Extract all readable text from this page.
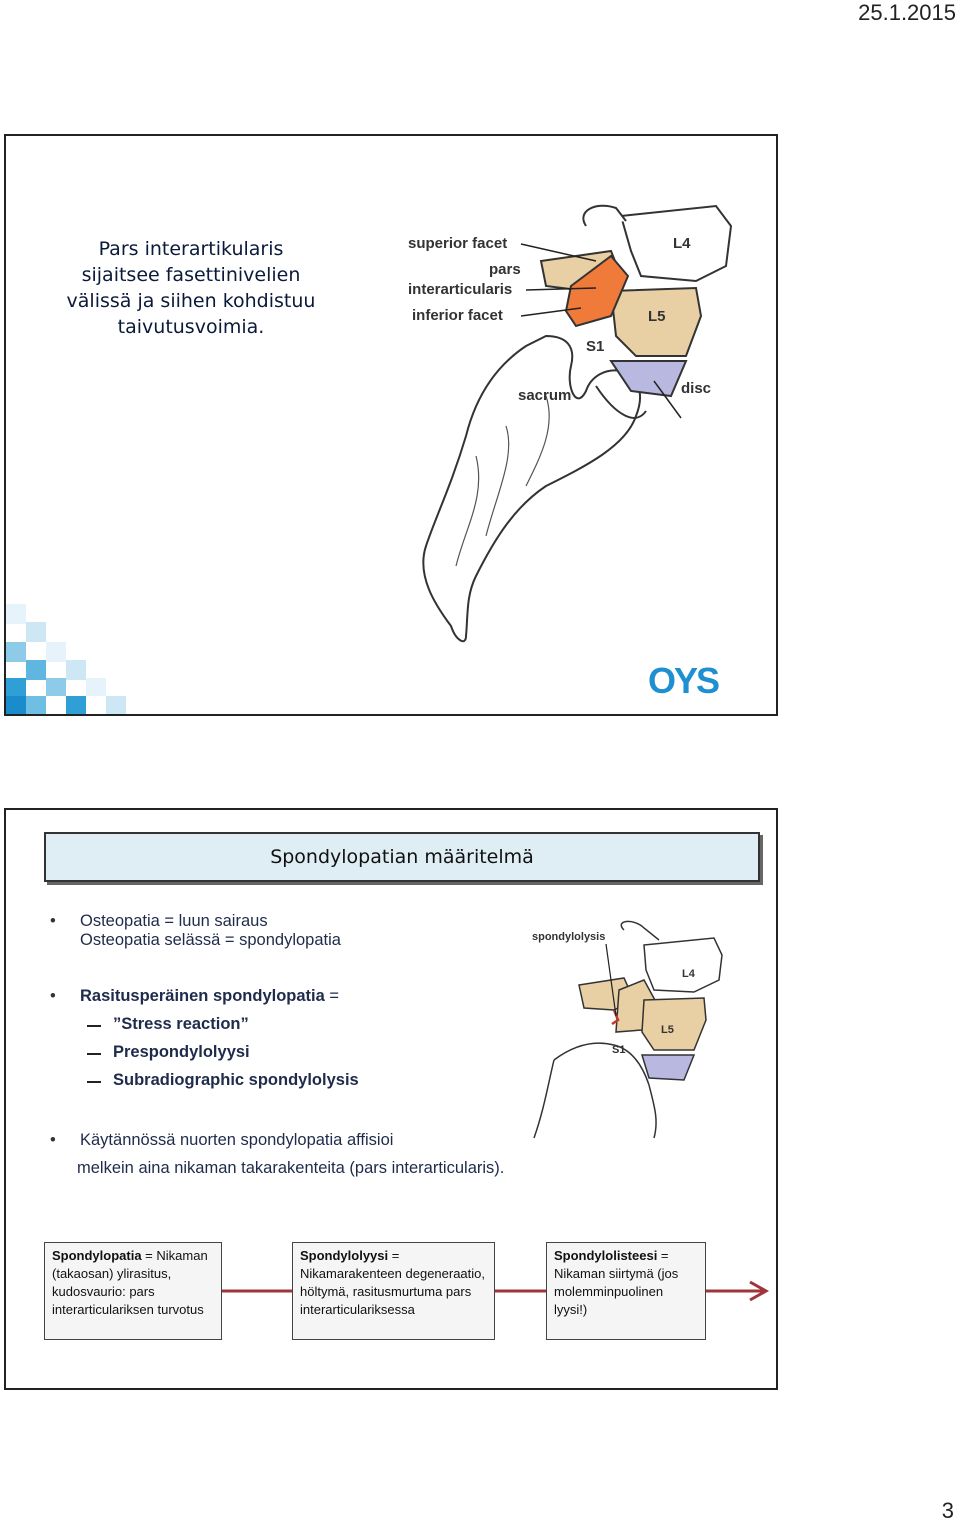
25.1.2015
Pars interartikularis
sijaitsee fasettinivelien
välissä ja siihen kohdistuu
taivutusvoimia.
superior facet
pars
interarticularis
inferior facet
L4
L5
S1
sacrum	disc
OYS
Spondylopatian määritelmä
• Osteopatia = luun sairaus
Osteopatia selässä = spondylopatia
• Rasitusperäinen spondylopatia =
”Stress reaction”
Prespondylolyysi
Subradiographic spondylolysis
• Käytännössä nuorten spondylopatia affisioi
melkein aina nikaman takarakenteita (pars interarticularis).
spondylolysis
L4
L5
S1
Spondylopatia = Nikaman (takaosan) ylirasitus, kudosvaurio: pars interarticulariksen turvotus
Spondylolyysi = Nikamarakenteen degeneraatio, höltymä, rasitusmurtuma pars interarticulariksessa
Spondylolisteesi = Nikaman siirtymä (jos molemminpuolinen lyysi!)
3
